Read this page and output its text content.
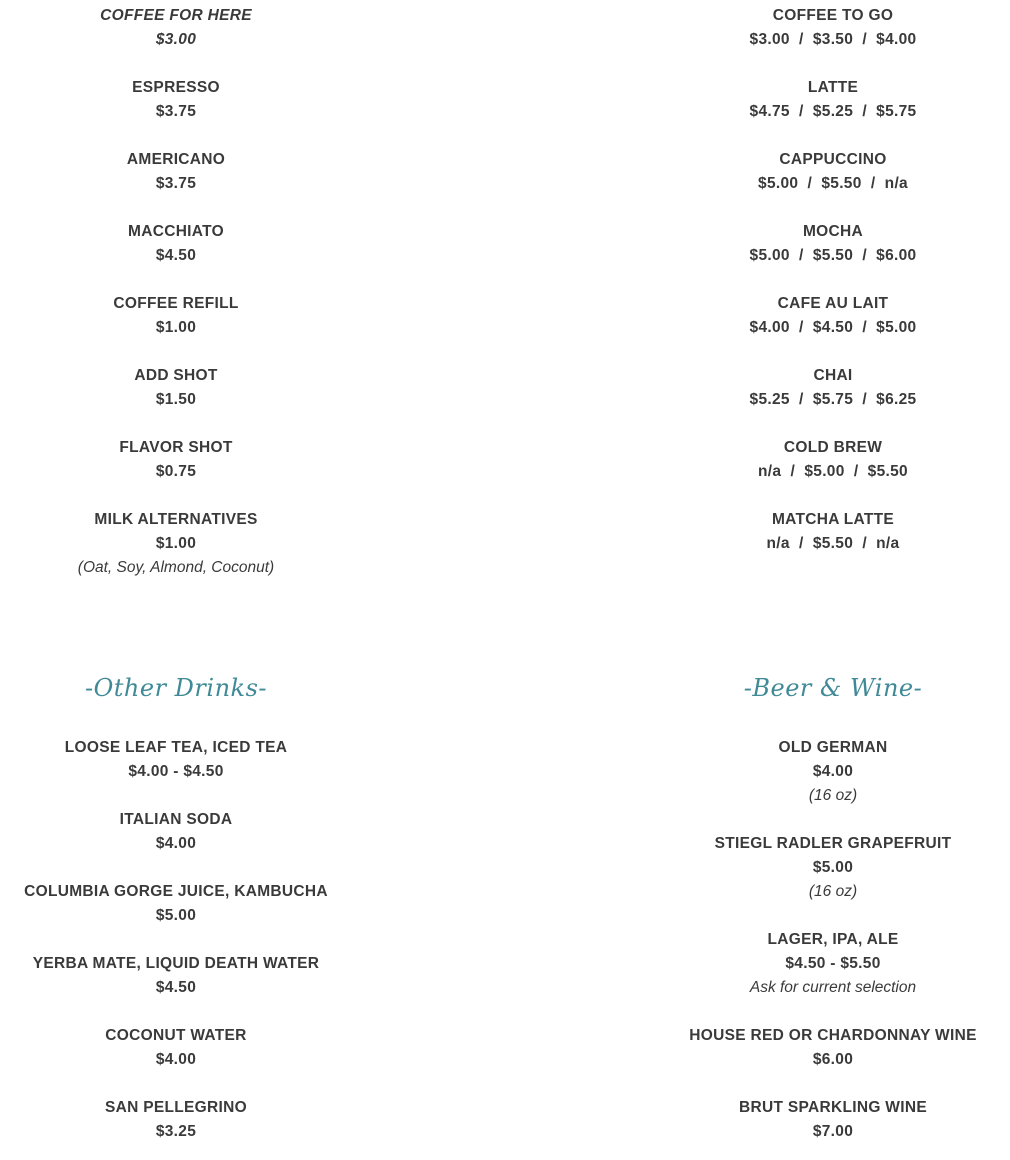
COFFEE FOR HERE
$3.00
ESPRESSO
$3.75
AMERICANO
$3.75
MACCHIATO
$4.50
COFFEE REFILL
$1.00
ADD SHOT
$1.50
FLAVOR SHOT
$0.75
MILK ALTERNATIVES
$1.00
(Oat, Soy, Almond, Coconut)
COFFEE TO GO
$3.00  /  $3.50  /  $4.00
LATTE
$4.75  /  $5.25  /  $5.75
CAPPUCCINO
$5.00  /  $5.50  /  n/a
MOCHA
$5.00  /  $5.50  /  $6.00
CAFE AU LAIT
$4.00  /  $4.50  /  $5.00
CHAI
$5.25  /  $5.75  /  $6.25
COLD BREW
n/a  /  $5.00  /  $5.50
MATCHA LATTE
n/a  /  $5.50  /  n/a
-Other Drinks-
LOOSE LEAF TEA, ICED TEA
$4.00 - $4.50
ITALIAN SODA
$4.00
COLUMBIA GORGE JUICE, KAMBUCHA
$5.00
YERBA MATE, LIQUID DEATH WATER
$4.50
COCONUT WATER
$4.00
SAN PELLEGRINO
$3.25
-Beer & Wine-
OLD GERMAN
$4.00
(16 oz)
STIEGL RADLER GRAPEFRUIT
$5.00
(16 oz)
LAGER, IPA, ALE
$4.50 - $5.50
Ask for current selection
HOUSE RED OR CHARDONNAY WINE
$6.00
BRUT SPARKLING WINE
$7.00
